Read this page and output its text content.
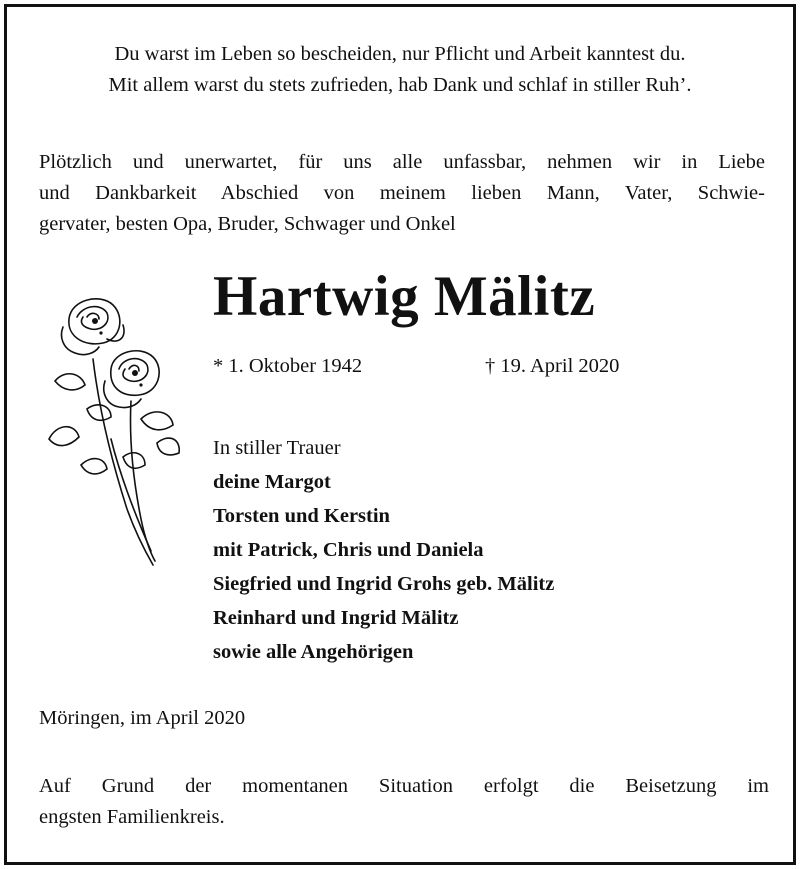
Du warst im Leben so bescheiden, nur Pflicht und Arbeit kanntest du.
Mit allem warst du stets zufrieden, hab Dank und schlaf in stiller Ruh’.
Plötzlich und unerwartet, für uns alle unfassbar, nehmen wir in Liebe
und Dankbarkeit Abschied von meinem lieben Mann, Vater, Schwie-
gervater, besten Opa, Bruder, Schwager und Onkel
Hartwig Mälitz
* 1. Oktober 1942	† 19. April 2020
In stiller Trauer
deine Margot
Torsten und Kerstin
mit Patrick, Chris und Daniela
Siegfried und Ingrid Grohs geb. Mälitz
Reinhard und Ingrid Mälitz
sowie alle Angehörigen
Möringen, im April 2020
Auf Grund der momentanen Situation erfolgt die Beisetzung im
engsten Familienkreis.
